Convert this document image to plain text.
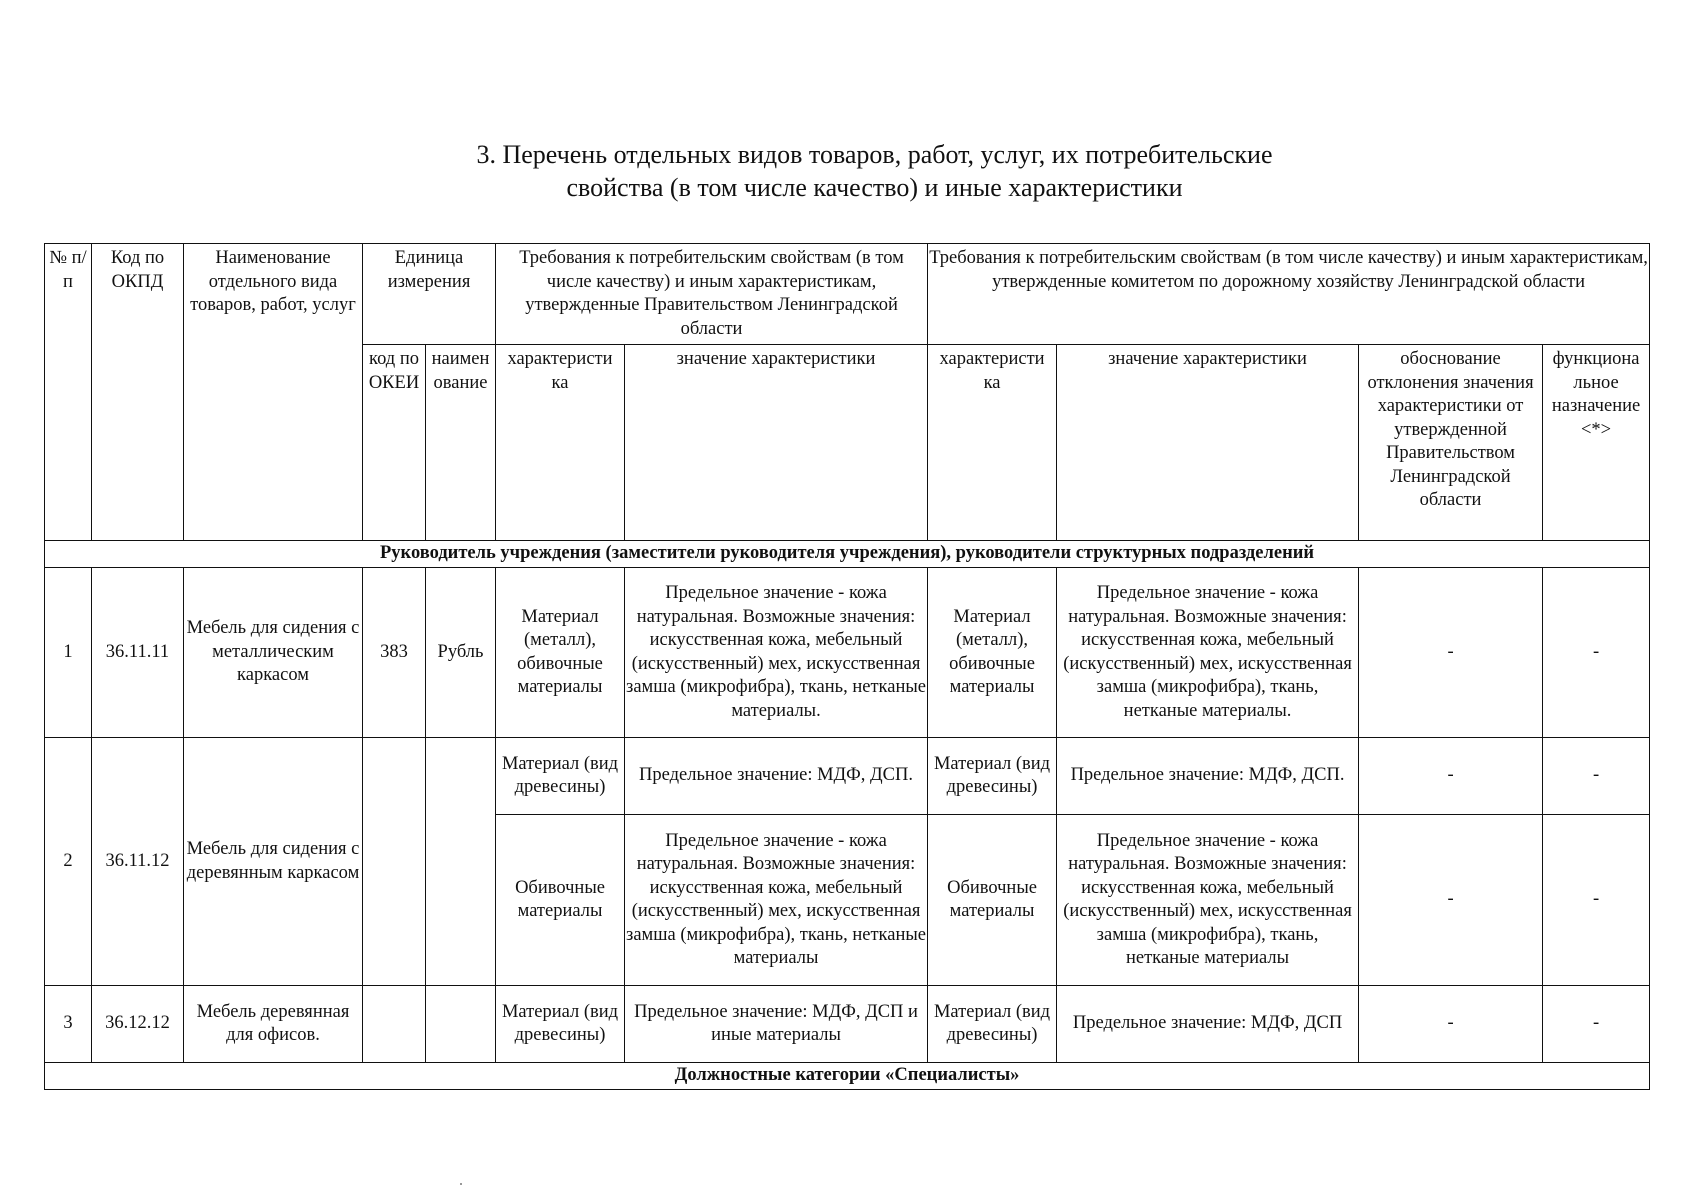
3. Перечень отдельных видов товаров, работ, услуг, их потребительские
свойства (в том числе качество) и иные характеристики
№ п/п	Код по ОКПД	Наименование отдельного вида товаров, работ, услуг	Единица измерения		Требования к потребительским свойствам (в том числе качеству) и иным характеристикам, утвержденные Правительством Ленинградской области		Требования к потребительским свойствам (в том числе качеству) и иным характеристикам,
утвержденные комитетом по дорожному хозяйству Ленинградской области			

			код по ОКЕИ	наимен ование	характеристи ка	значение характеристики	характеристи ка	значение характеристики	обоснование отклонения значения характеристики от утвержденной Правительством Ленинградской области	функциона льное назначение <*>
Руководитель учреждения (заместители руководителя учреждения), руководители структурных подразделений										
1	36.11.11	Мебель для сидения с металлическим каркасом	383	Рубль	Материал (металл), обивочные материалы	Предельное значение - кожа натуральная. Возможные значения: искусственная кожа, мебельный (искусственный) мех, искусственная замша (микрофибра), ткань, нетканые материалы.	Материал (металл), обивочные материалы	Предельное значение - кожа натуральная. Возможные значения: искусственная кожа, мебельный (искусственный) мех, искусственная замша (микрофибра), ткань, нетканые материалы.	-	-
2	36.11.12	Мебель для сидения с деревянным каркасом			Материал (вид древесины)	Предельное значение: МДФ, ДСП.	Материал (вид древесины)	Предельное значение: МДФ, ДСП.	-	-
					Обивочные материалы	Предельное значение - кожа натуральная. Возможные значения: искусственная кожа, мебельный (искусственный) мех, искусственная замша (микрофибра), ткань, нетканые материалы	Обивочные материалы	Предельное значение - кожа натуральная. Возможные значения: искусственная кожа, мебельный (искусственный) мех, искусственная замша (микрофибра), ткань, нетканые материалы	-	-
3	36.12.12	Мебель деревянная для офисов.			Материал (вид древесины)	Предельное значение: МДФ, ДСП и иные материалы	Материал (вид древесины)	Предельное значение: МДФ, ДСП	-	-
Должностные категории «Специалисты»										
